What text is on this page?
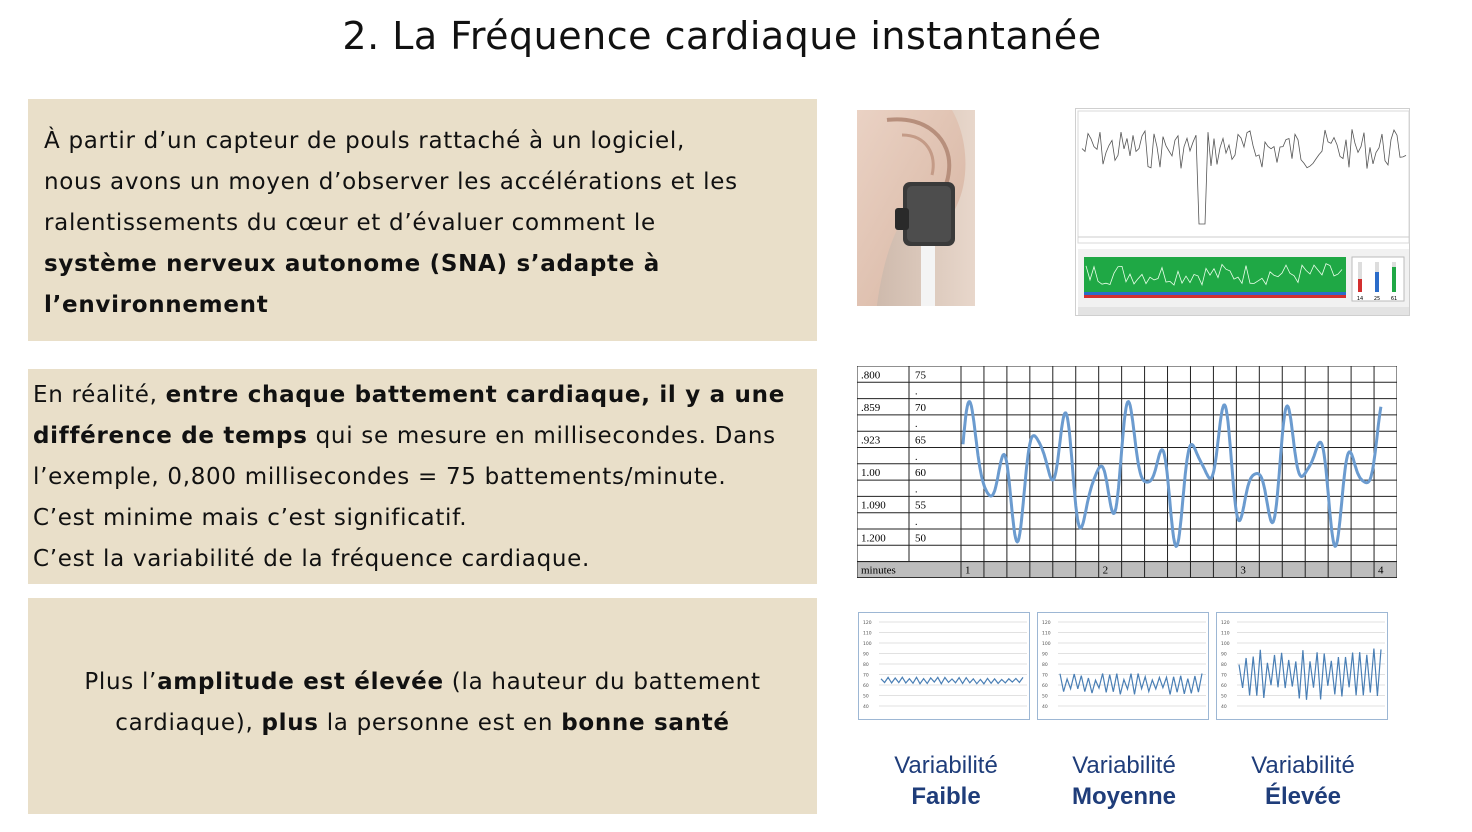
2. La Fréquence cardiaque instantanée
À partir d’un capteur de pouls rattaché à un logiciel,
nous avons un moyen d’observer les accélérations et les
ralentissements du cœur et d’évaluer comment le
système nerveux autonome (SNA) s’adapte à
l’environnement
En réalité, entre chaque battement cardiaque, il y a une
différence de temps qui se mesure en millisecondes. Dans
l’exemple, 0,800 millisecondes = 75 battements/minute.
C’est minime mais c’est significatif.
C’est la variabilité de la fréquence cardiaque.
Plus l’amplitude est élevée (la hauteur du battement
cardiaque), plus la personne est en bonne santé
14 25 61
.800	75
.
.859	70
.
.923	65
.
1.00	60
.
1.090	55
.
1.200	50
minutes	1	2	3	4
120
110
100
90
80
70
60
50
40
120
110
100
90
80
70
60
50
40
120
110
100
90
80
70
60
50
40
Variabilité
Faible
Variabilité
Moyenne
Variabilité
Élevée
